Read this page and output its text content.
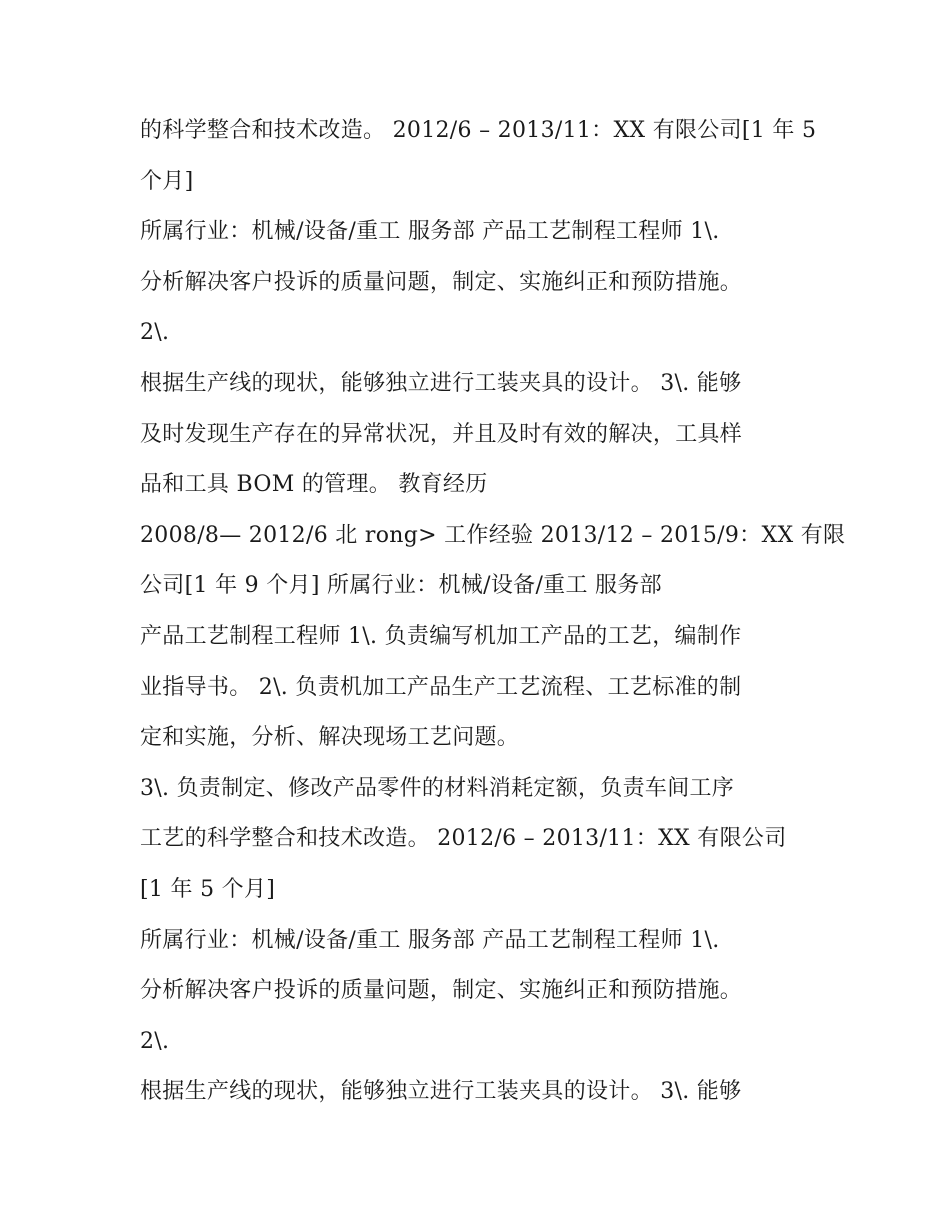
的科学整合和技术改造。 2012/6 – 2013/11：XX 有限公司[1 年 5
个月]
所属行业：机械/设备/重工 服务部 产品工艺制程工程师 1\.
分析解决客户投诉的质量问题，制定、实施纠正和预防措施。
2\.
根据生产线的现状，能够独立进行工装夹具的设计。 3\. 能够
及时发现生产存在的异常状况，并且及时有效的解决，工具样
品和工具 BOM 的管理。 教育经历
2008/8— 2012/6 北 rong> 工作经验 2013/12 – 2015/9：XX 有限
公司[1 年 9 个月] 所属行业：机械/设备/重工 服务部
产品工艺制程工程师 1\. 负责编写机加工产品的工艺，编制作
业指导书。 2\. 负责机加工产品生产工艺流程、工艺标准的制
定和实施，分析、解决现场工艺问题。
3\. 负责制定、修改产品零件的材料消耗定额，负责车间工序
工艺的科学整合和技术改造。 2012/6 – 2013/11：XX 有限公司
[1 年 5 个月]
所属行业：机械/设备/重工 服务部 产品工艺制程工程师 1\.
分析解决客户投诉的质量问题，制定、实施纠正和预防措施。
2\.
根据生产线的现状，能够独立进行工装夹具的设计。 3\. 能够
